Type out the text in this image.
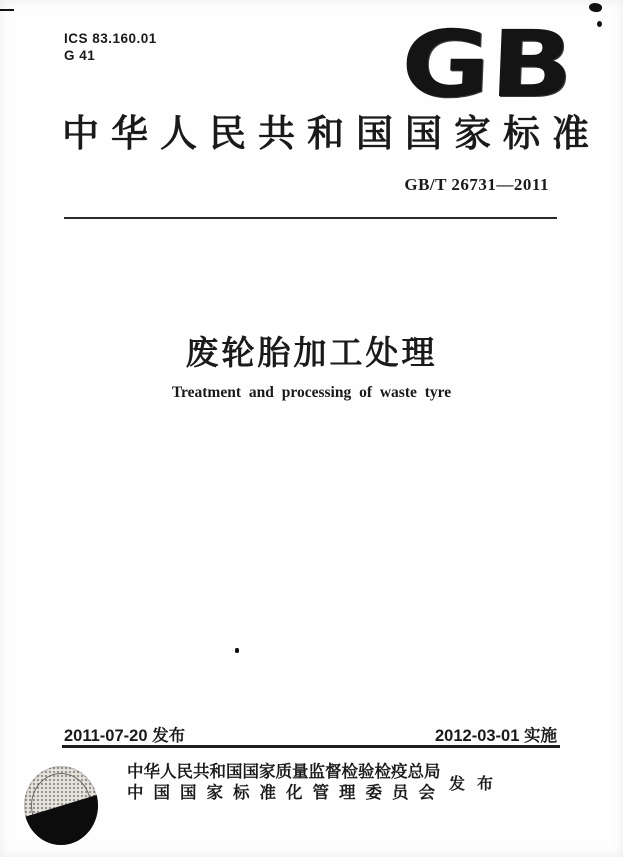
ICS 83.160.01
G 41	GB
中华人民共和国国家标准
GB/T 26731—2011
废轮胎加工处理
Treatment and processing of waste tyre
2011-07-20 发布	2012-03-01 实施
中华人民共和国国家质量监督检验检疫总局
中国国家标准化管理委员会 发 布
